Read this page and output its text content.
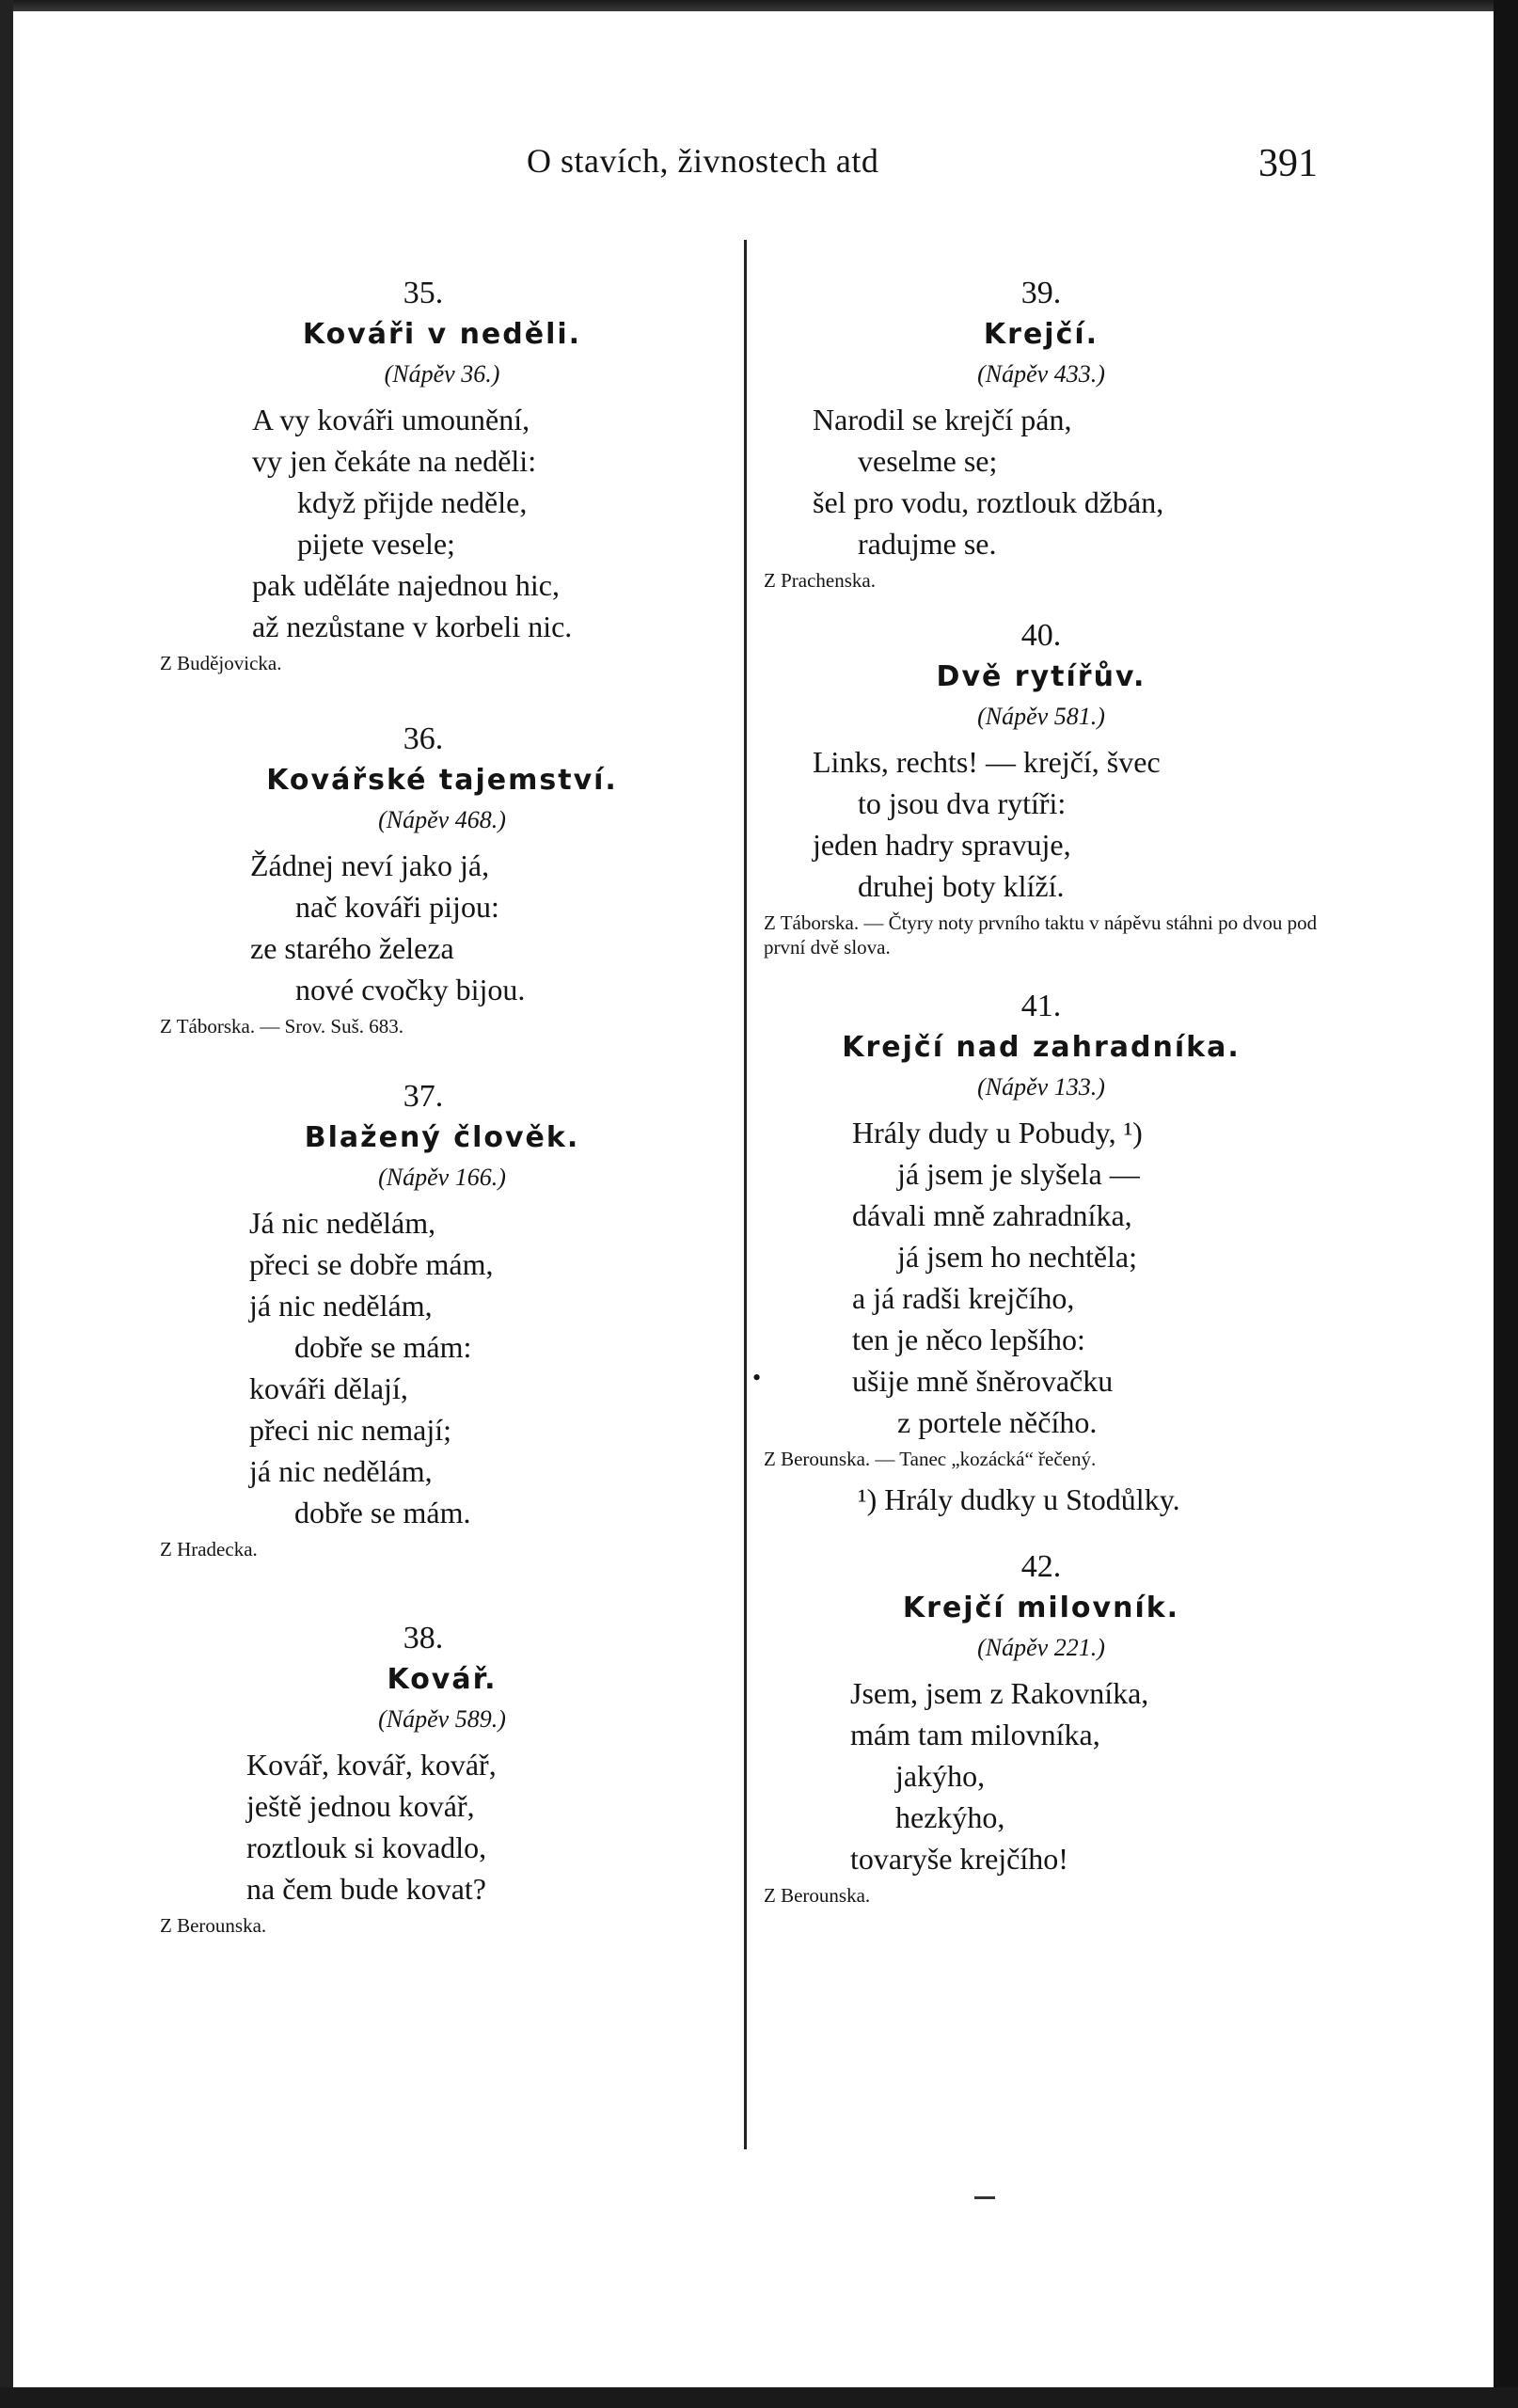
O stavích, živnostech atd	391
35.
Kováři v neděli.
(Nápěv 36.)
A vy kováři umounění,
vy jen čekáte na neděli:
když přijde neděle,
pijete vesele;
pak uděláte najednou hic,
až nezůstane v korbeli nic.
Z Budějovicka.
36.
Kovářské tajemství.
(Nápěv 468.)
Žádnej neví jako já,
nač kováři pijou:
ze starého železa
nové cvočky bijou.
Z Táborska. — Srov. Suš. 683.
37.
Blažený člověk.
(Nápěv 166.)
Já nic nedělám,
přeci se dobře mám,
já nic nedělám,
dobře se mám:
kováři dělají,
přeci nic nemají;
já nic nedělám,
dobře se mám.
Z Hradecka.
38.
Kovář.
(Nápěv 589.)
Kovář, kovář, kovář,
ještě jednou kovář,
roztlouk si kovadlo,
na čem bude kovat?
Z Berounska.
39.
Krejčí.
(Nápěv 433.)
Narodil se krejčí pán,
veselme se;
šel pro vodu, roztlouk džbán,
radujme se.
Z Prachenska.
40.
Dvě rytířův.
(Nápěv 581.)
Links, rechts! — krejčí, švec
to jsou dva rytíři:
jeden hadry spravuje,
druhej boty klíží.
Z Táborska. — Čtyry noty prvního taktu v nápěvu stáhni po dvou pod první dvě slova.
41.
Krejčí nad zahradníka.
(Nápěv 133.)
Hrály dudy u Pobudy, ¹)
já jsem je slyšela —
dávali mně zahradníka,
já jsem ho nechtěla;
a já radši krejčího,
ten je něco lepšího:
ušije mně šněrovačku
z portele něčího.
•
Z Berounska. — Tanec „kozácká“ řečený.
¹) Hrály dudky u Stodůlky.
42.
Krejčí milovník.
(Nápěv 221.)
Jsem, jsem z Rakovníka,
mám tam milovníka,
jakýho,
hezkýho,
tovaryše krejčího!
Z Berounska.
